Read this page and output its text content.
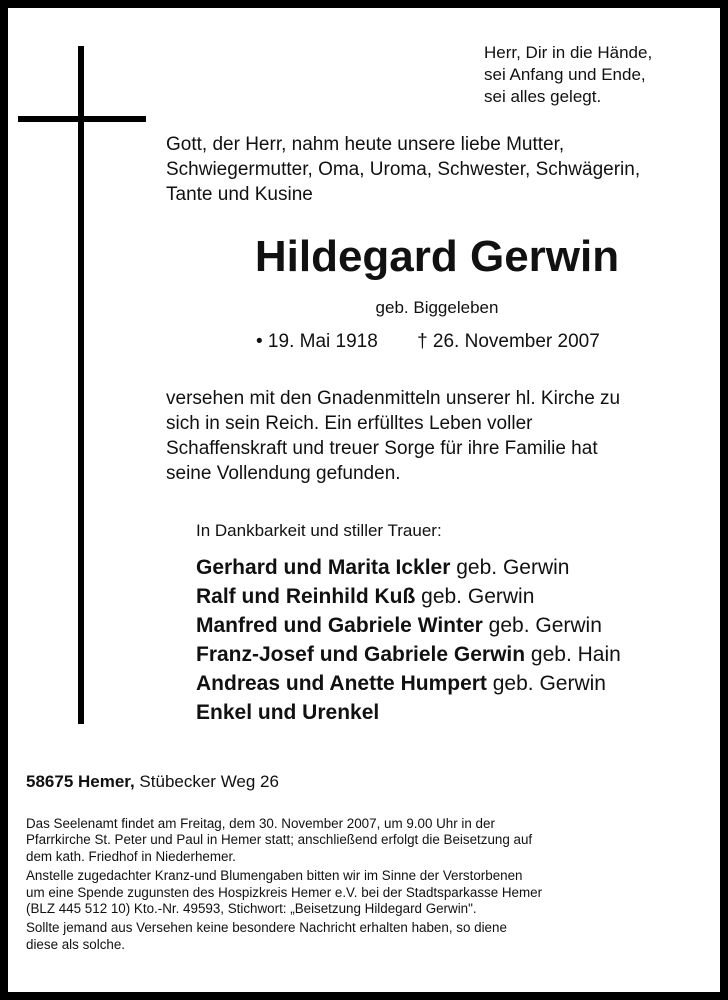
Herr, Dir in die Hände,
sei Anfang und Ende,
sei alles gelegt.
Gott, der Herr, nahm heute unsere liebe Mutter,
Schwiegermutter, Oma, Uroma, Schwester, Schwägerin,
Tante und Kusine
Hildegard Gerwin
geb. Biggeleben
• 19. Mai 1918 † 26. November 2007
versehen mit den Gnadenmitteln unserer hl. Kirche zu
sich in sein Reich. Ein erfülltes Leben voller
Schaffenskraft und treuer Sorge für ihre Familie hat
seine Vollendung gefunden.
In Dankbarkeit und stiller Trauer:
Gerhard und Marita Ickler geb. Gerwin
Ralf und Reinhild Kuß geb. Gerwin
Manfred und Gabriele Winter geb. Gerwin
Franz-Josef und Gabriele Gerwin geb. Hain
Andreas und Anette Humpert geb. Gerwin
Enkel und Urenkel
58675 Hemer, Stübecker Weg 26

Das Seelenamt findet am Freitag, dem 30. November 2007, um 9.00 Uhr in der
Pfarrkirche St. Peter und Paul in Hemer statt; anschließend erfolgt die Beisetzung auf
dem kath. Friedhof in Niederhemer.

Anstelle zugedachter Kranz-und Blumengaben bitten wir im Sinne der Verstorbenen
um eine Spende zugunsten des Hospizkreis Hemer e.V. bei der Stadtsparkasse Hemer
(BLZ 445 512 10) Kto.-Nr. 49593, Stichwort: „Beisetzung Hildegard Gerwin".

Sollte jemand aus Versehen keine besondere Nachricht erhalten haben, so diene
diese als solche.
